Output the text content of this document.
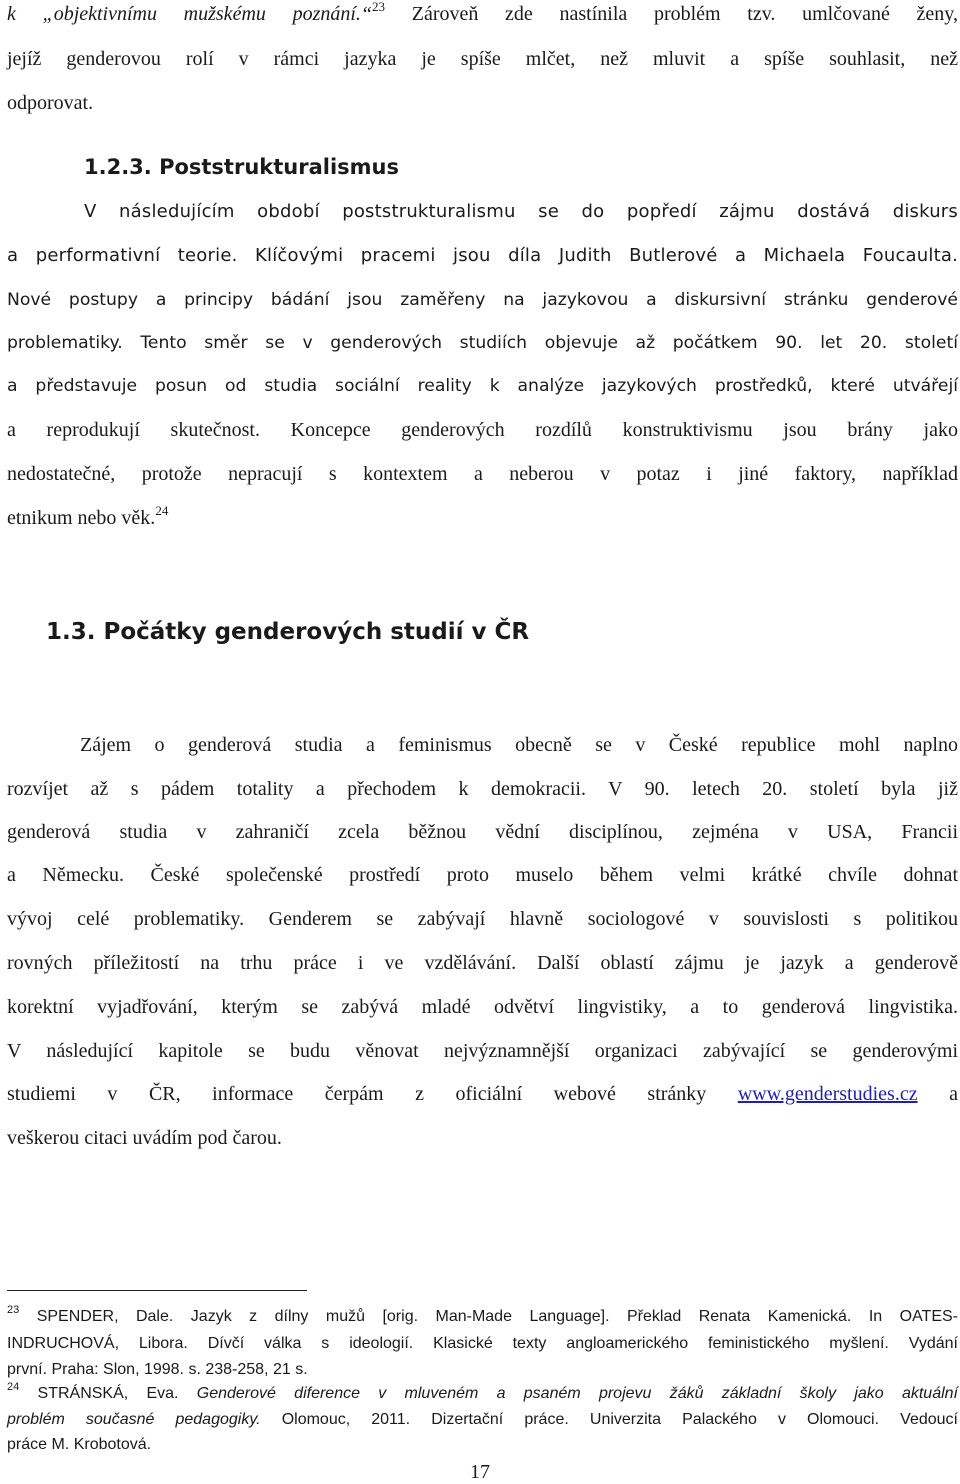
k „objektivnímu mužskému poznání.“$^{23}$ Zároveň zde nastínila problém tzv. umlčované ženy,

jejíž genderovou rolí v rámci jazyka je spíše mlčet, než mluvit a spíše souhlasit, než

odporovat.

1.2.3. Poststrukturalismus

V následujícím období poststrukturalismu se do popředí zájmu dostává diskurs

a performativní teorie. Klíčovými pracemi jsou díla Judith Butlerové a Michaela Foucaulta.

Nové postupy a principy bádání jsou zaměřeny na jazykovou a diskursivní stránku genderové

problematiky. Tento směr se v genderových studiích objevuje až počátkem 90. let 20. století

a představuje posun od studia sociální reality k analýze jazykových prostředků, které utvářejí

a reprodukují skutečnost. Koncepce genderových rozdílů konstruktivismu jsou brány jako

nedostatečné, protože nepracují s kontextem a neberou v potaz i jiné faktory, například

etnikum nebo věk.$^{24}$

1.3. Počátky genderových studií v ČR

Zájem o genderová studia a feminismus obecně se v České republice mohl naplno

rozvíjet až s pádem totality a přechodem k demokracii. V 90. letech 20. století byla již

genderová studia v zahraničí zcela běžnou vědní disciplínou, zejména v USA, Francii

a Německu. České společenské prostředí proto muselo během velmi krátké chvíle dohnat

vývoj celé problematiky. Genderem se zabývají hlavně sociologové v souvislosti s politikou

rovných příležitostí na trhu práce i ve vzdělávání. Další oblastí zájmu je jazyk a genderově

korektní vyjadřování, kterým se zabývá mladé odvětví lingvistiky, a to genderová lingvistika.

V následující kapitole se budu věnovat nejvýznamnější organizaci zabývající se genderovými

studiemi v ČR, informace čerpám z oficiální webové stránky www.genderstudies.cz a

veškerou citaci uvádím pod čarou.

$^{23}$ SPENDER, Dale. Jazyk z dílny mužů [orig. Man-Made Language]. Překlad Renata Kamenická. In OATES-

INDRUCHOVÁ, Libora. Dívčí válka s ideologií. Klasické texty angloamerického feministického myšlení. Vydání

první. Praha: Slon, 1998. s. 238-258, 21 s.

$^{24}$ STRÁNSKÁ, Eva. Genderové diference v mluveném a psaném projevu žáků základní školy jako aktuální

problém současné pedagogiky. Olomouc, 2011. Dizertační práce. Univerzita Palackého v Olomouci. Vedoucí

práce M. Krobotová.

17
